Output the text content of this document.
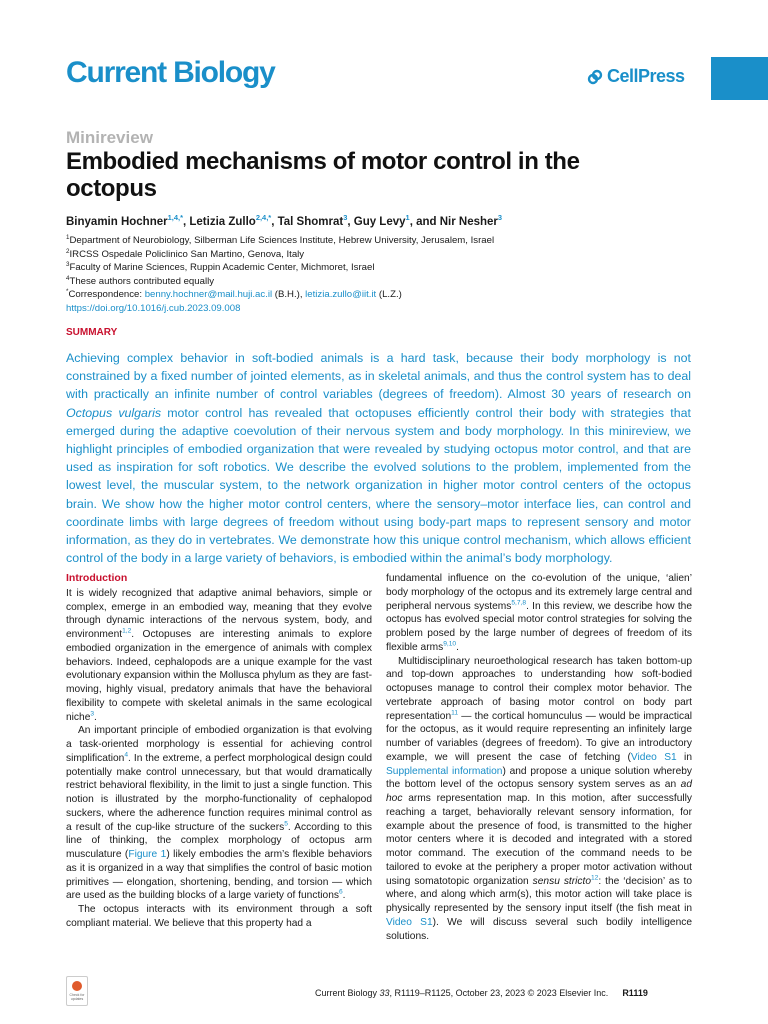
Current Biology	CellPress
Minireview
Embodied mechanisms of motor control in the octopus
Binyamin Hochner$^{1,4,*}$, Letizia Zullo$^{2,4,*}$, Tal Shomrat$^3$, Guy Levy$^1$, and Nir Nesher$^3$
$^1$Department of Neurobiology, Silberman Life Sciences Institute, Hebrew University, Jerusalem, Israel
$^2$IRCSS Ospedale Policlinico San Martino, Genova, Italy
$^3$Faculty of Marine Sciences, Ruppin Academic Center, Michmoret, Israel
$^4$These authors contributed equally
*Correspondence: benny.hochner@mail.huji.ac.il (B.H.), letizia.zullo@iit.it (L.Z.)
https://doi.org/10.1016/j.cub.2023.09.008
SUMMARY
Achieving complex behavior in soft-bodied animals is a hard task, because their body morphology is not constrained by a fixed number of jointed elements, as in skeletal animals, and thus the control system has to deal with practically an infinite number of control variables (degrees of freedom). Almost 30 years of research on Octopus vulgaris motor control has revealed that octopuses efficiently control their body with strategies that emerged during the adaptive coevolution of their nervous system and body morphology. In this minireview, we highlight principles of embodied organization that were revealed by studying octopus motor control, and that are used as inspiration for soft robotics. We describe the evolved solutions to the problem, implemented from the lowest level, the muscular system, to the network organization in higher motor control centers of the octopus brain. We show how the higher motor control centers, where the sensory–motor interface lies, can control and coordinate limbs with large degrees of freedom without using body-part maps to represent sensory and motor information, as they do in vertebrates. We demonstrate how this unique control mechanism, which allows efficient control of the body in a large variety of behaviors, is embodied within the animal’s body morphology.
Introduction

It is widely recognized that adaptive animal behaviors, simple or complex, emerge in an embodied way, meaning that they evolve through dynamic interactions of the nervous system, body, and environment$^{1,2}$. Octopuses are interesting animals to explore embodied organization in the emergence of animals with complex behaviors. Indeed, cephalopods are a unique example for the vast evolutionary expansion within the Mollusca phylum as they are fast-moving, highly visual, predatory animals that have the behavioral flexibility to compete with skeletal animals in the same ecological niche$^3$.

An important principle of embodied organization is that evolving a task-oriented morphology is essential for achieving control simplification$^4$. In the extreme, a perfect morphological design could potentially make control unnecessary, but that would dramatically restrict behavioral flexibility, in the limit to just a single function. This notion is illustrated by the morpho-functionality of cephalopod suckers, where the adherence function requires minimal control as a result of the cup-like structure of the suckers$^5$. According to this line of thinking, the complex morphology of octopus arm musculature (Figure 1) likely embodies the arm’s flexible behaviors as it is organized in a way that simplifies the control of basic motion primitives — elongation, shortening, bending, and torsion — which are used as the building blocks of a large variety of functions$^6$.

The octopus interacts with its environment through a soft compliant material. We believe that this property had a

fundamental influence on the co-evolution of the unique, ‘alien’ body morphology of the octopus and its extremely large central and peripheral nervous systems$^{5,7,8}$. In this review, we describe how the octopus has evolved special motor control strategies for solving the problem posed by the large number of degrees of freedom of its flexible arms$^{9,10}$.

Multidisciplinary neuroethological research has taken bottom-up and top-down approaches to understanding how soft-bodied octopuses manage to control their complex motor behavior. The vertebrate approach of basing motor control on body part representation$^{11}$ — the cortical homunculus — would be impractical for the octopus, as it would require representing an infinitely large number of variables (degrees of freedom). To give an introductory example, we will present the case of fetching (Video S1 in Supplemental information) and propose a unique solution whereby the bottom level of the octopus sensory system serves as an ad hoc arms representation map. In this motion, after successfully reaching a target, behaviorally relevant sensory information, for example about the presence of food, is transmitted to the higher motor centers where it is decoded and integrated with a stored motor command. The execution of the command needs to be tailored to evoke at the periphery a proper motor activation without using somatotopic organization sensu stricto$^{12}$: the ‘decision’ as to where, and along which arm(s), this motor action will take place is physically represented by the sensory input itself (the fish meat in Video S1). We will discuss several such bodily intelligence solutions.

Check for updates
Current Biology 33, R1119–R1125, October 23, 2023 © 2023 Elsevier Inc. R1119
